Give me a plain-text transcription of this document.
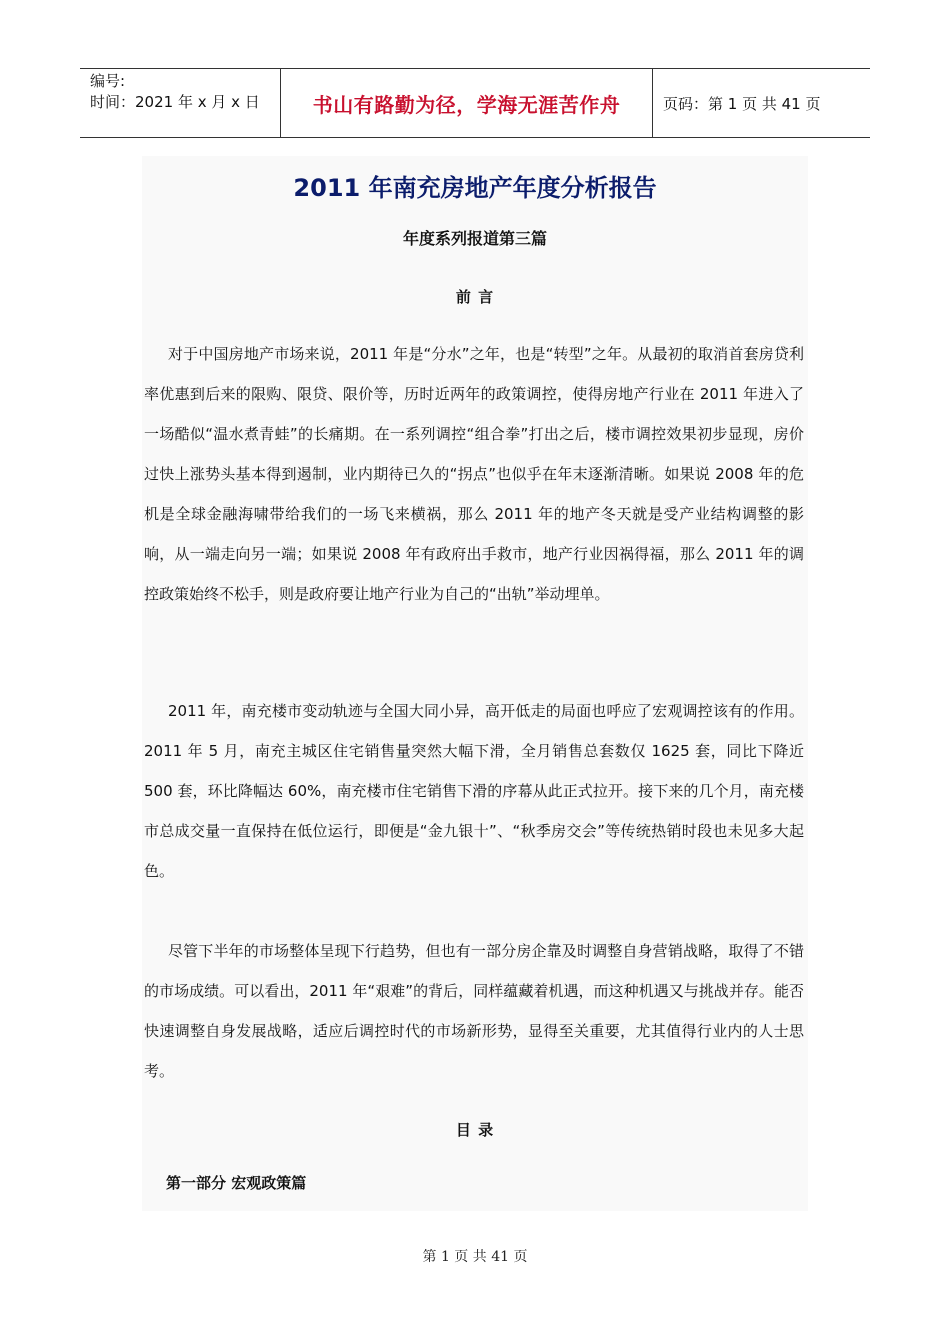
编号:
时间：2021 年 x 月 x 日	书山有路勤为径，学海无涯苦作舟	页码：第 1 页 共 41 页
2011 年南充房地产年度分析报告
年度系列报道第三篇
前 言
对于中国房地产市场来说，2011 年是“分水”之年，也是“转型”之年。从最初的取消首套房贷利率优惠到后来的限购、限贷、限价等，历时近两年的政策调控，使得房地产行业在 2011 年进入了一场酷似“温水煮青蛙”的长痛期。在一系列调控“组合拳”打出之后，楼市调控效果初步显现，房价过快上涨势头基本得到遏制，业内期待已久的“拐点”也似乎在年末逐渐清晰。如果说 2008 年的危机是全球金融海啸带给我们的一场飞来横祸，那么 2011 年的地产冬天就是受产业结构调整的影响，从一端走向另一端；如果说 2008 年有政府出手救市，地产行业因祸得福，那么 2011 年的调控政策始终不松手，则是政府要让地产行业为自己的“出轨”举动埋单。
2011 年，南充楼市变动轨迹与全国大同小异，高开低走的局面也呼应了宏观调控该有的作用。2011 年 5 月，南充主城区住宅销售量突然大幅下滑，全月销售总套数仅 1625 套，同比下降近 500 套，环比降幅达 60%，南充楼市住宅销售下滑的序幕从此正式拉开。接下来的几个月，南充楼市总成交量一直保持在低位运行，即便是“金九银十”、“秋季房交会”等传统热销时段也未见多大起色。
尽管下半年的市场整体呈现下行趋势，但也有一部分房企靠及时调整自身营销战略，取得了不错的市场成绩。可以看出，2011 年“艰难”的背后，同样蕴藏着机遇，而这种机遇又与挑战并存。能否快速调整自身发展战略，适应后调控时代的市场新形势，显得至关重要，尤其值得行业内的人士思考。
目 录
第一部分 宏观政策篇
第 1 页 共 41 页
